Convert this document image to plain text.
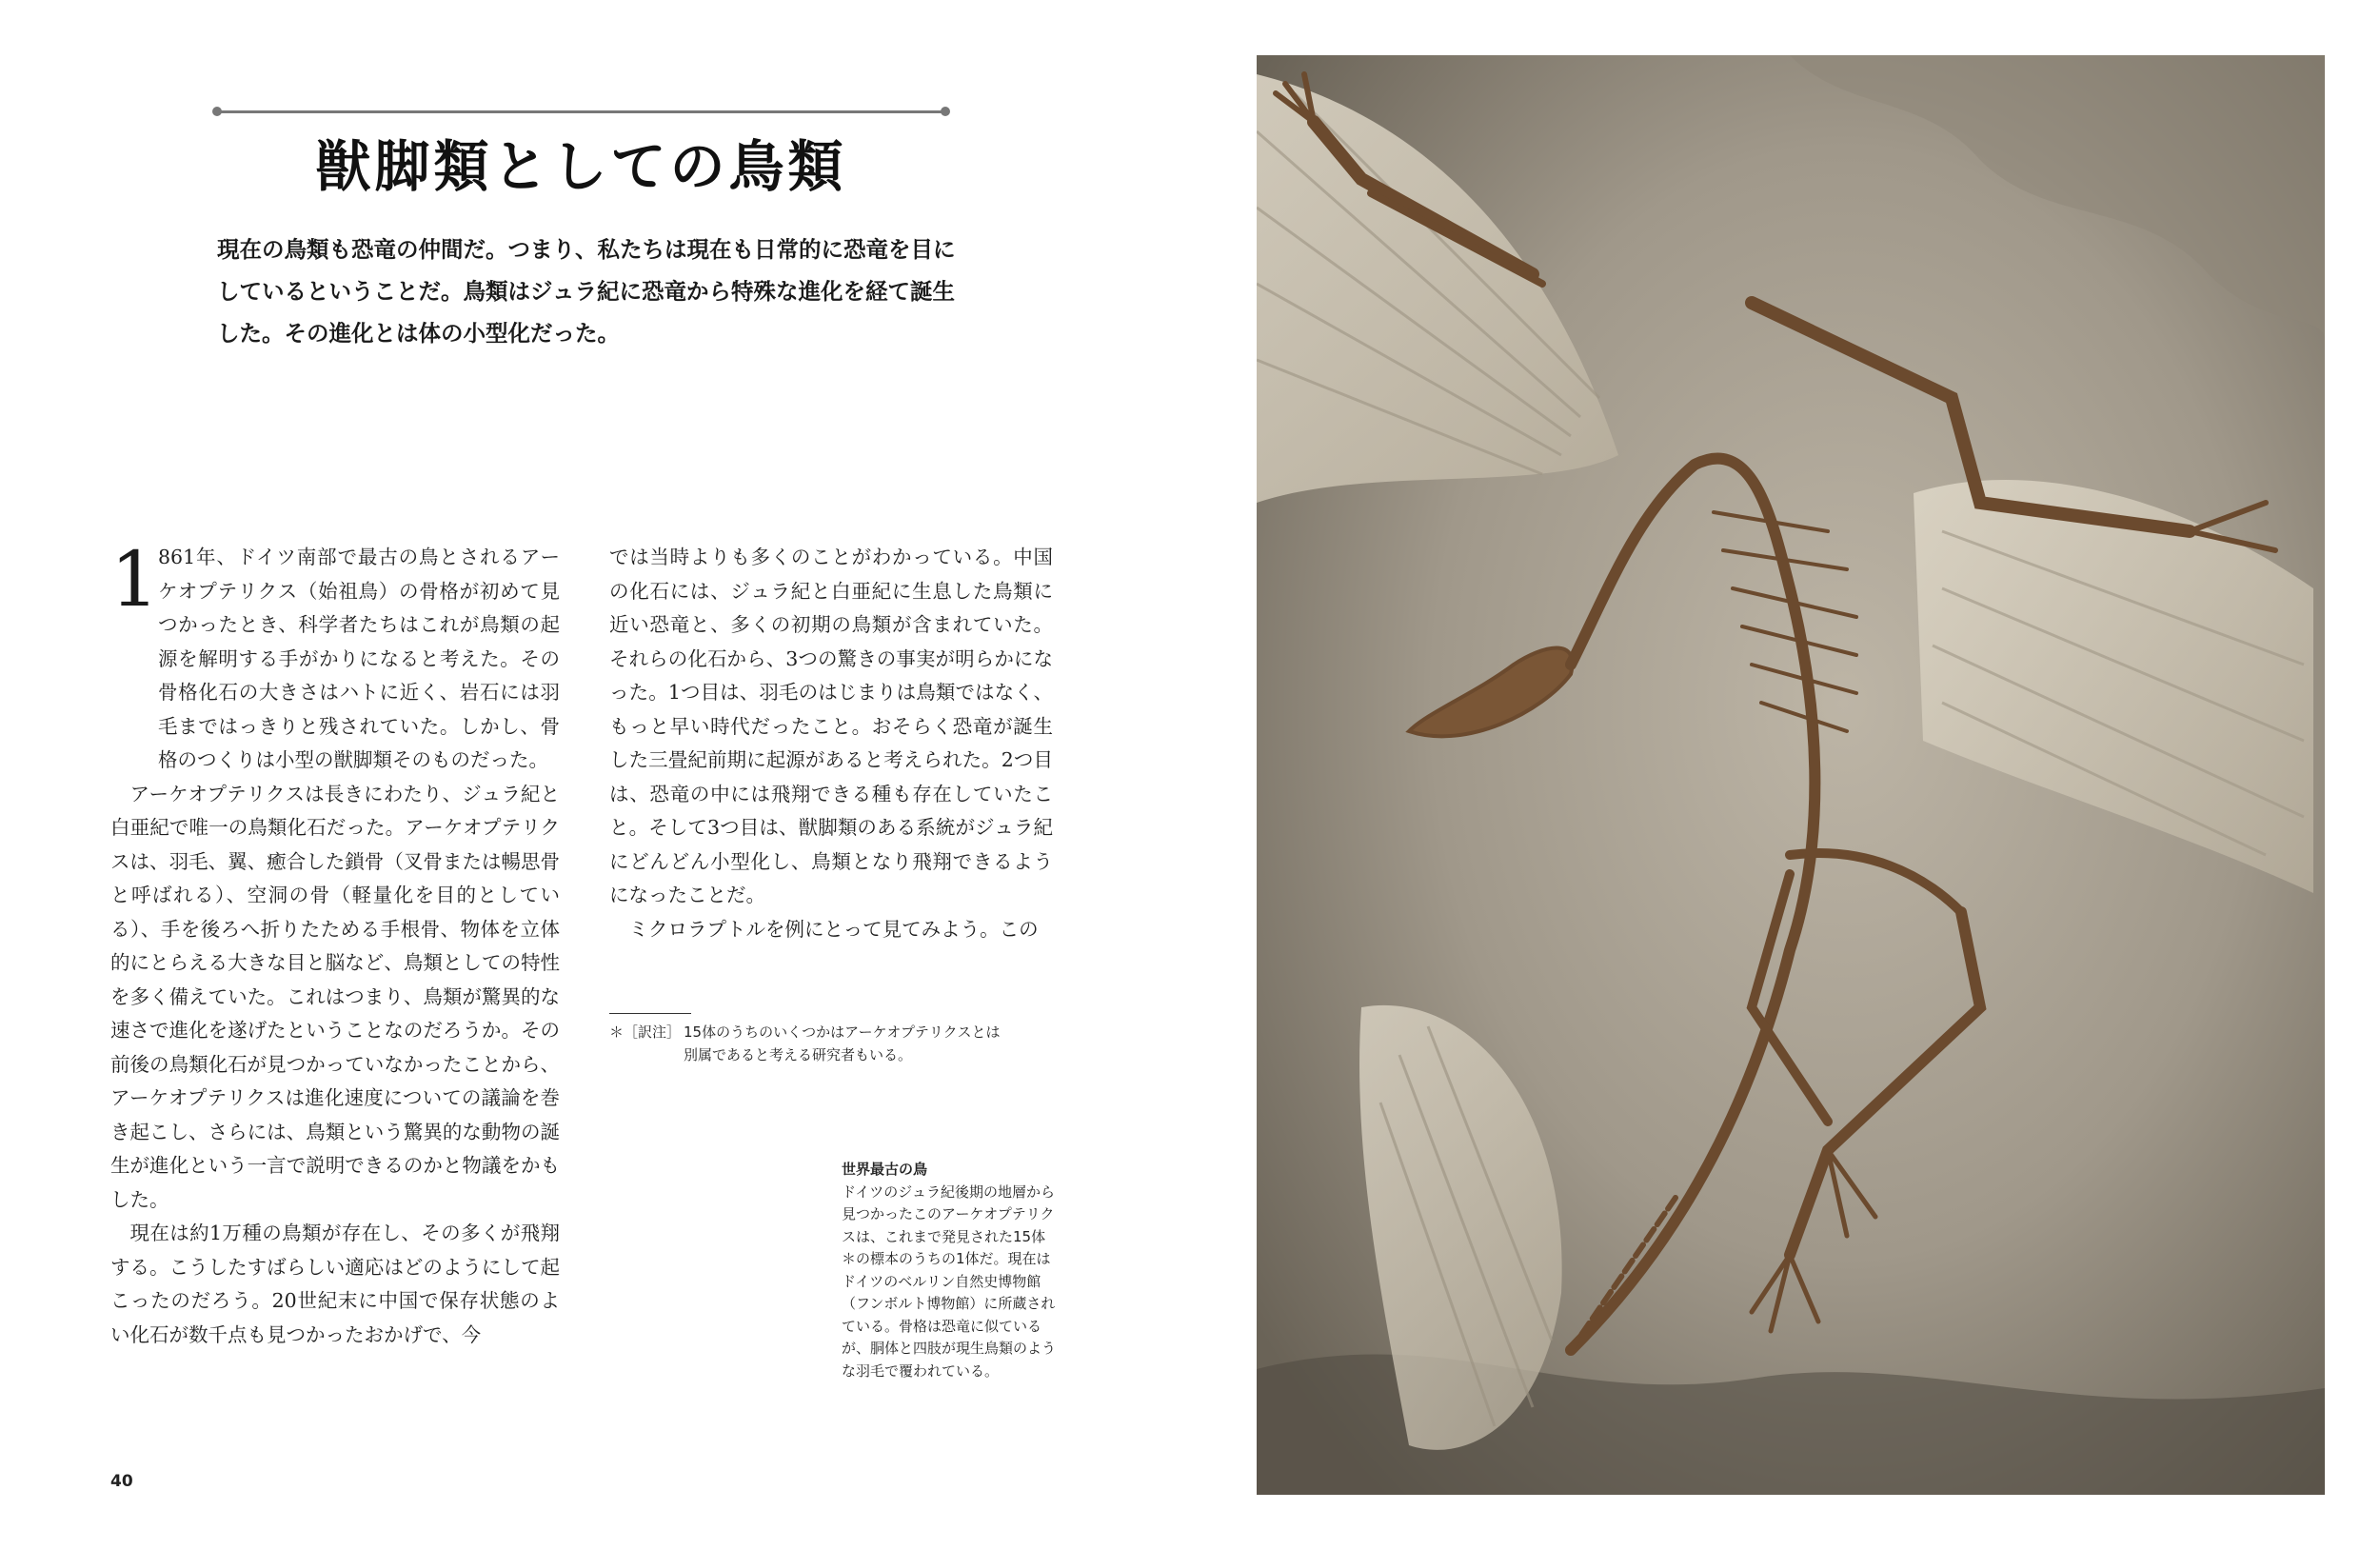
獣脚類としての鳥類

現在の鳥類も恐竜の仲間だ。つまり、私たちは現在も日常的に恐竜を目にしているということだ。鳥類はジュラ紀に恐竜から特殊な進化を経て誕生した。その進化とは体の小型化だった。

1 861年、ドイツ南部で最古の鳥とされるアーケオプテリクス（始祖鳥）の骨格が初めて見つかったとき、科学者たちはこれが鳥類の起源を解明する手がかりになると考えた。その骨格化石の大きさはハトに近く、岩石には羽毛まではっきりと残されていた。しかし、骨格のつくりは小型の獣脚類そのものだった。

アーケオプテリクスは長きにわたり、ジュラ紀と白亜紀で唯一の鳥類化石だった。アーケオプテリクスは、羽毛、翼、癒合した鎖骨（叉骨または暢思骨と呼ばれる）、空洞の骨（軽量化を目的としている）、手を後ろへ折りたためる手根骨、物体を立体的にとらえる大きな目と脳など、鳥類としての特性を多く備えていた。これはつまり、鳥類が驚異的な速さで進化を遂げたということなのだろうか。その前後の鳥類化石が見つかっていなかったことから、アーケオプテリクスは進化速度についての議論を巻き起こし、さらには、鳥類という驚異的な動物の誕生が進化という一言で説明できるのかと物議をかもした。

現在は約1万種の鳥類が存在し、その多くが飛翔する。こうしたすばらしい適応はどのようにして起こったのだろう。20世紀末に中国で保存状態のよい化石が数千点も見つかったおかげで、今

では当時よりも多くのことがわかっている。中国の化石には、ジュラ紀と白亜紀に生息した鳥類に近い恐竜と、多くの初期の鳥類が含まれていた。それらの化石から、3つの驚きの事実が明らかになった。1つ目は、羽毛のはじまりは鳥類ではなく、もっと早い時代だったこと。おそらく恐竜が誕生した三畳紀前期に起源があると考えられた。2つ目は、恐竜の中には飛翔できる種も存在していたこと。そして3つ目は、獣脚類のある系統がジュラ紀にどんどん小型化し、鳥類となり飛翔できるようになったことだ。

ミクロラプトルを例にとって見てみよう。この

＊［訳注］ 15体のうちのいくつかはアーケオプテリクスとは
別属であると考える研究者もいる。
世界最古の鳥
ドイツのジュラ紀後期の地層から見つかったこのアーケオプテリクスは、これまで発見された15体＊の標本のうちの1体だ。現在はドイツのベルリン自然史博物館（フンボルト博物館）に所蔵されている。骨格は恐竜に似ているが、胴体と四肢が現生鳥類のような羽毛で覆われている。
40
